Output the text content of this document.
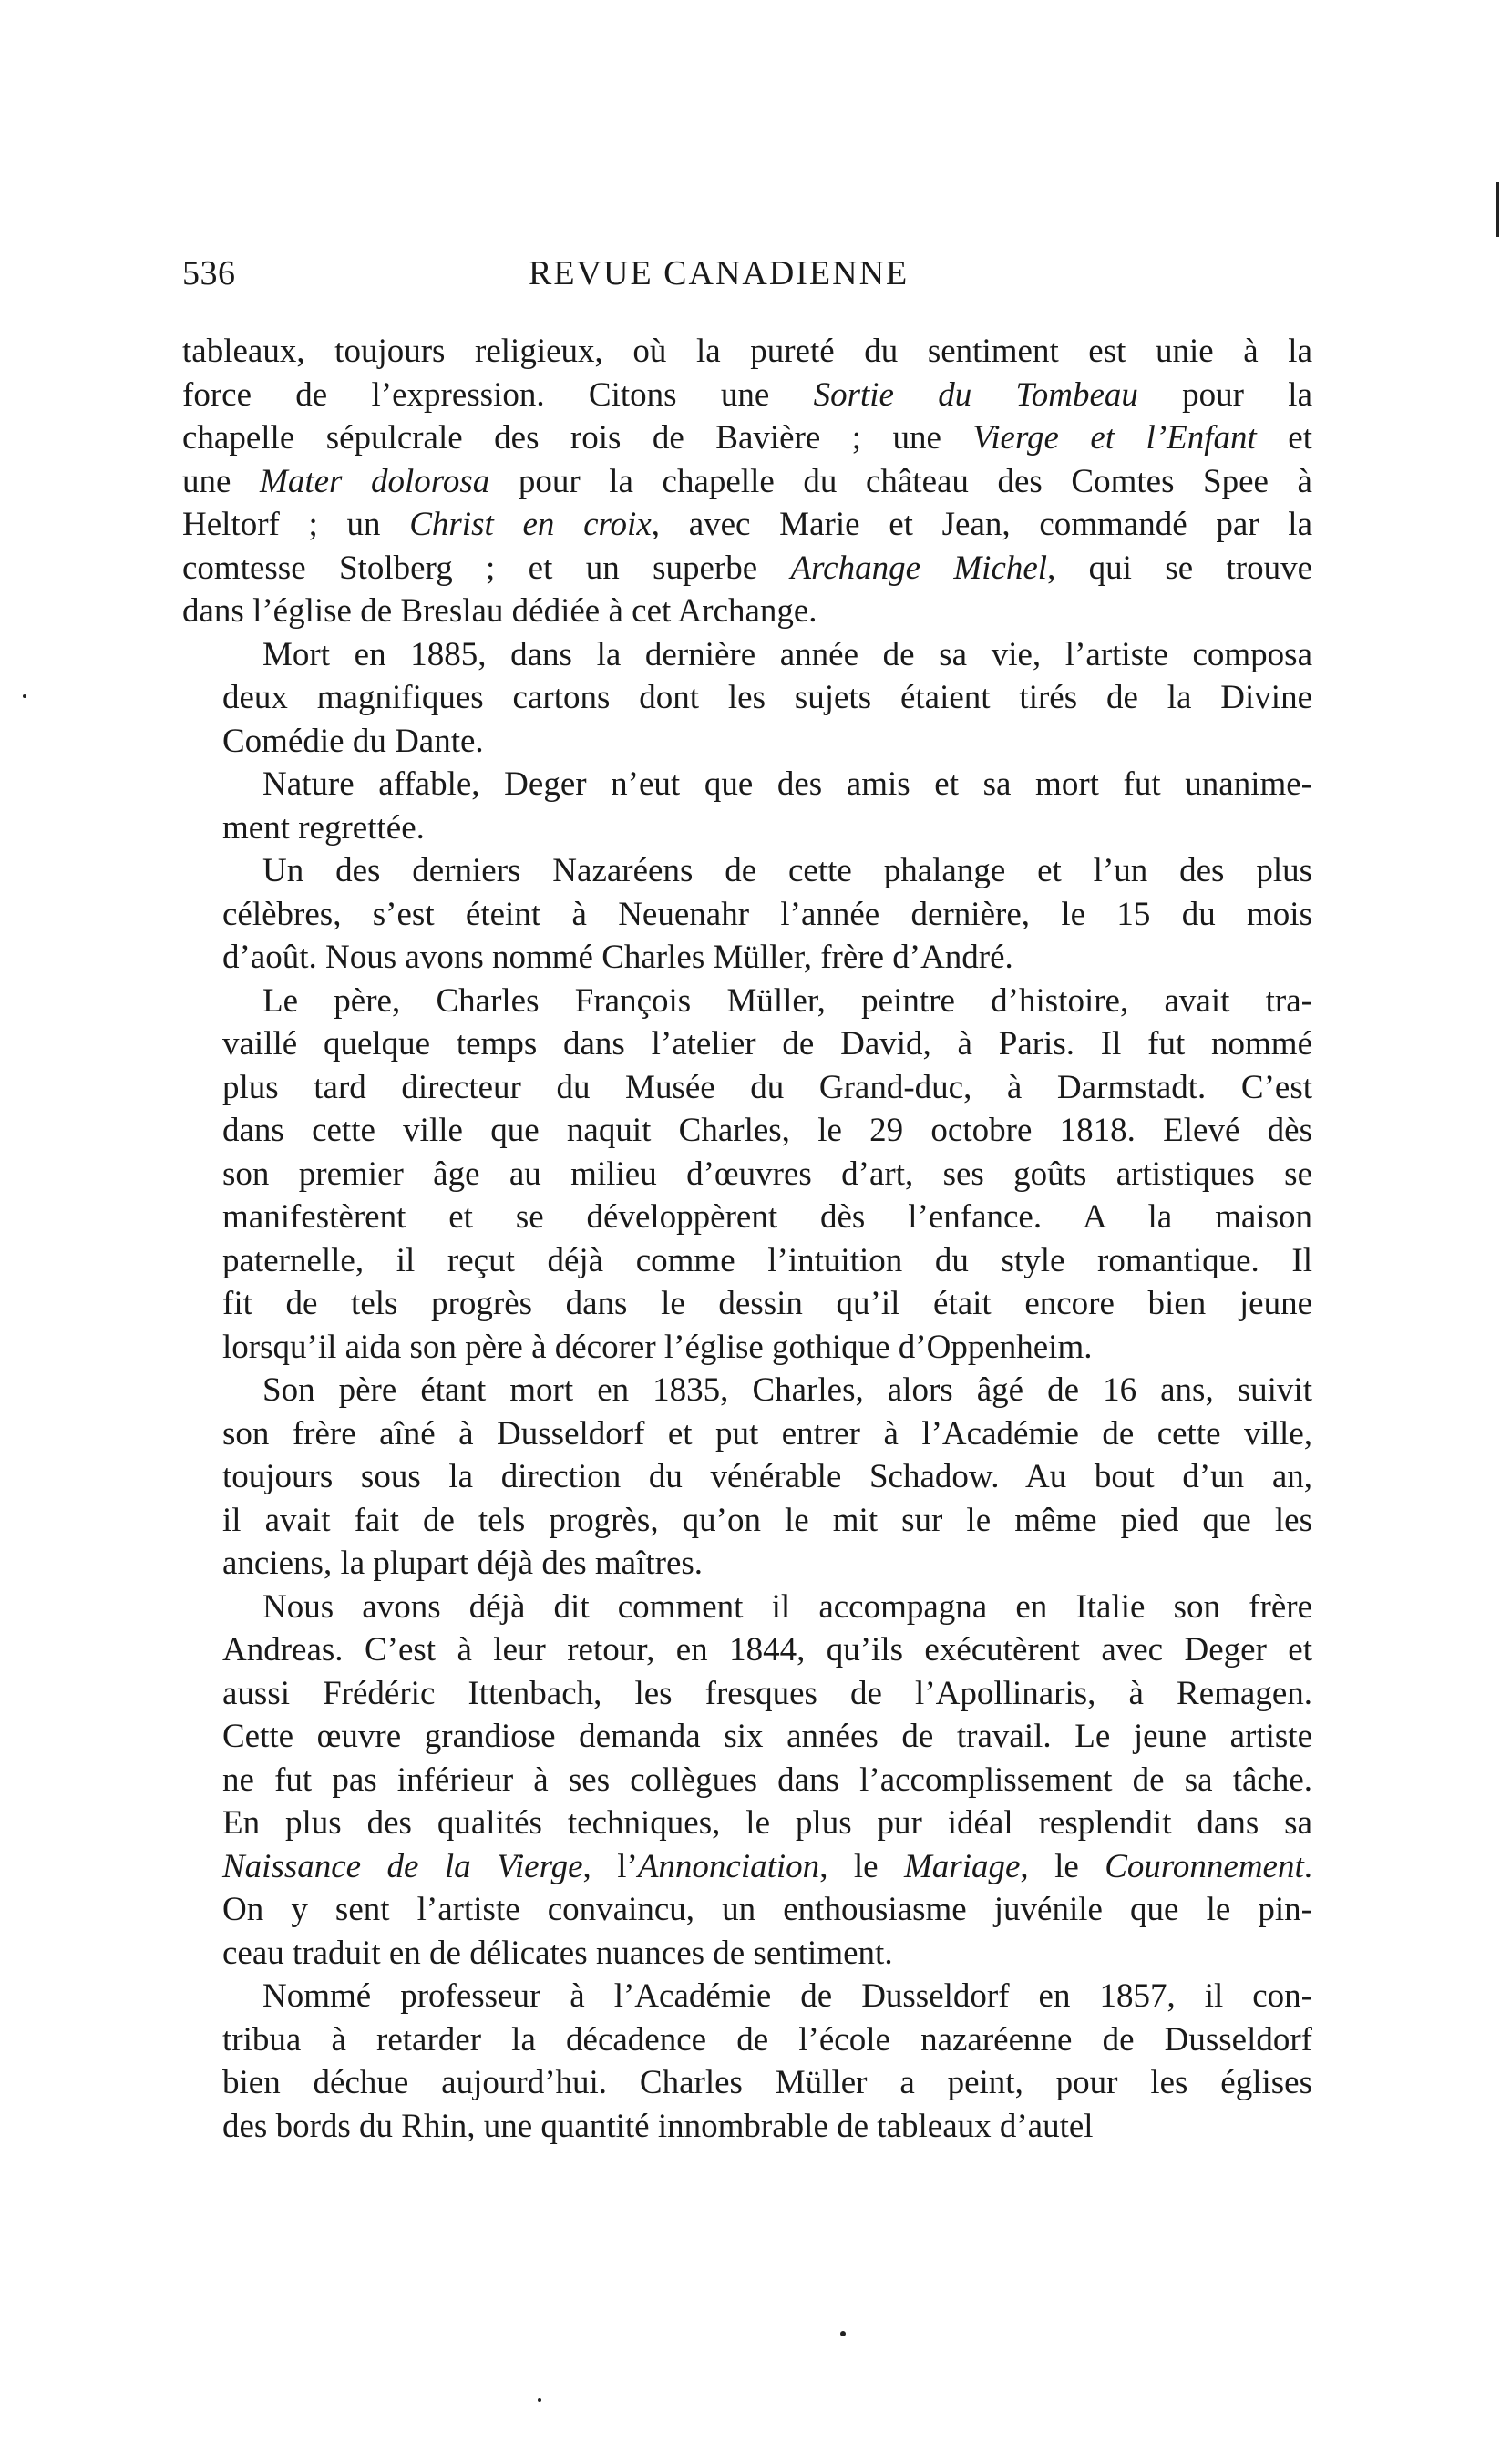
536	REVUE CANADIENNE
tableaux, toujours religieux, où la pureté du sentiment est unie à la
force de l’expression. Citons une Sortie du Tombeau pour la
chapelle sépulcrale des rois de Bavière ; une Vierge et l’Enfant et
une Mater dolorosa pour la chapelle du château des Comtes Spee à
Heltorf ; un Christ en croix, avec Marie et Jean, commandé par la
comtesse Stolberg ; et un superbe Archange Michel, qui se trouve
dans l’église de Breslau dédiée à cet Archange.
Mort en 1885, dans la dernière année de sa vie, l’artiste composa
deux magnifiques cartons dont les sujets étaient tirés de la Divine
Comédie du Dante.
Nature affable, Deger n’eut que des amis et sa mort fut unanime-
ment regrettée.
Un des derniers Nazaréens de cette phalange et l’un des plus
célèbres, s’est éteint à Neuenahr l’année dernière, le 15 du mois
d’août. Nous avons nommé Charles Müller, frère d’André.
Le père, Charles François Müller, peintre d’histoire, avait tra-
vaillé quelque temps dans l’atelier de David, à Paris. Il fut nommé
plus tard directeur du Musée du Grand-duc, à Darmstadt. C’est
dans cette ville que naquit Charles, le 29 octobre 1818. Elevé dès
son premier âge au milieu d’œuvres d’art, ses goûts artistiques se
manifestèrent et se développèrent dès l’enfance. A la maison
paternelle, il reçut déjà comme l’intuition du style romantique. Il
fit de tels progrès dans le dessin qu’il était encore bien jeune
lorsqu’il aida son père à décorer l’église gothique d’Oppenheim.
Son père étant mort en 1835, Charles, alors âgé de 16 ans, suivit
son frère aîné à Dusseldorf et put entrer à l’Académie de cette ville,
toujours sous la direction du vénérable Schadow. Au bout d’un an,
il avait fait de tels progrès, qu’on le mit sur le même pied que les
anciens, la plupart déjà des maîtres.
Nous avons déjà dit comment il accompagna en Italie son frère
Andreas. C’est à leur retour, en 1844, qu’ils exécutèrent avec Deger et
aussi Frédéric Ittenbach, les fresques de l’Apollinaris, à Remagen.
Cette œuvre grandiose demanda six années de travail. Le jeune artiste
ne fut pas inférieur à ses collègues dans l’accomplissement de sa tâche.
En plus des qualités techniques, le plus pur idéal resplendit dans sa
Naissance de la Vierge, l’Annonciation, le Mariage, le Couronnement.
On y sent l’artiste convaincu, un enthousiasme juvénile que le pin-
ceau traduit en de délicates nuances de sentiment.
Nommé professeur à l’Académie de Dusseldorf en 1857, il con-
tribua à retarder la décadence de l’école nazaréenne de Dusseldorf
bien déchue aujourd’hui. Charles Müller a peint, pour les églises
des bords du Rhin, une quantité innombrable de tableaux d’autel
